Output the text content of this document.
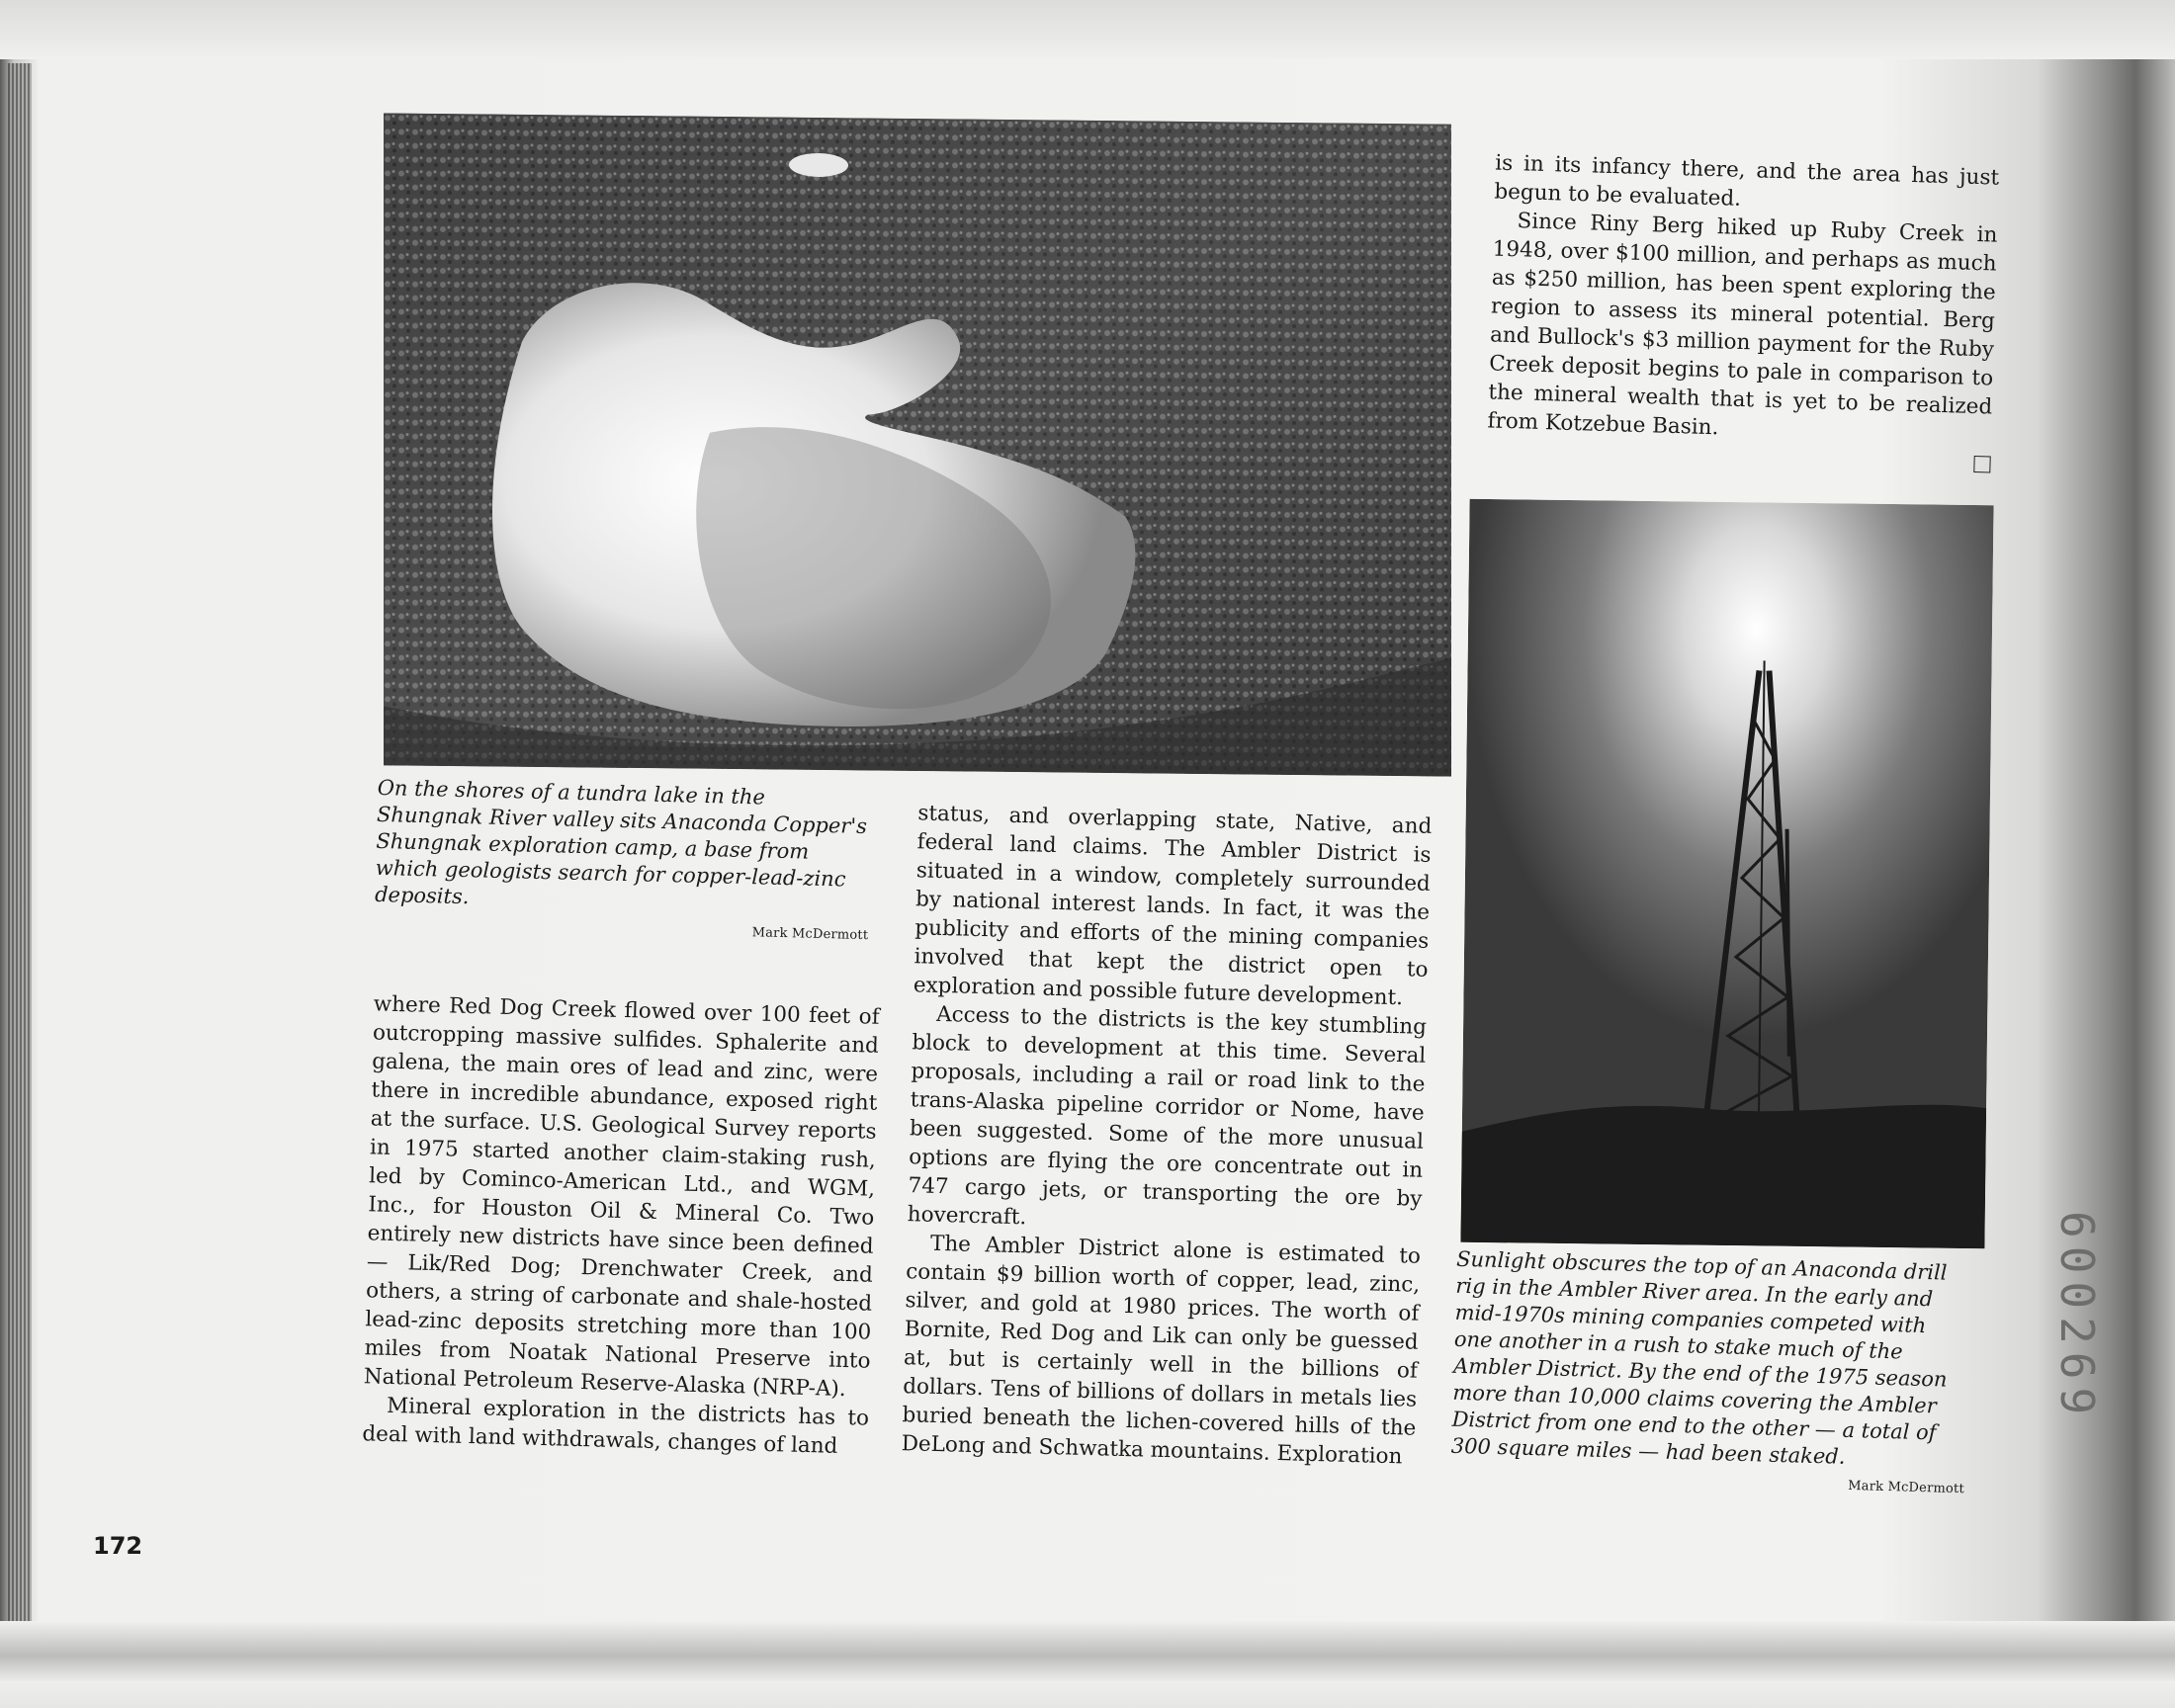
On the shores of a tundra lake in the Shungnak River valley sits Anaconda Copper's Shungnak exploration camp, a base from which geologists search for copper-lead-zinc deposits.
Mark McDermott

where Red Dog Creek flowed over 100 feet of outcropping massive sulfides. Sphalerite and galena, the main ores of lead and zinc, were there in incredible abundance, exposed right at the surface. U.S. Geological Survey reports in 1975 started another claim-staking rush, led by Cominco-American Ltd., and WGM, Inc., for Houston Oil & Mineral Co. Two entirely new districts have since been defined — Lik/Red Dog; Drenchwater Creek, and others, a string of carbonate and shale-hosted lead-zinc deposits stretching more than 100 miles from Noatak National Preserve into National Petroleum Reserve-Alaska (NRP-A).

Mineral exploration in the districts has to deal with land withdrawals, changes of land

status, and overlapping state, Native, and federal land claims. The Ambler District is situated in a window, completely surrounded by national interest lands. In fact, it was the publicity and efforts of the mining companies involved that kept the district open to exploration and possible future development.

Access to the districts is the key stumbling block to development at this time. Several proposals, including a rail or road link to the trans-Alaska pipeline corridor or Nome, have been suggested. Some of the more unusual options are flying the ore concentrate out in 747 cargo jets, or transporting the ore by hovercraft.

The Ambler District alone is estimated to contain $9 billion worth of copper, lead, zinc, silver, and gold at 1980 prices. The worth of Bornite, Red Dog and Lik can only be guessed at, but is certainly well in the billions of dollars. Tens of billions of dollars in metals lies buried beneath the lichen-covered hills of the DeLong and Schwatka mountains. Exploration

is in its infancy there, and the area has just begun to be evaluated.

Since Riny Berg hiked up Ruby Creek in 1948, over $100 million, and perhaps as much as $250 million, has been spent exploring the region to assess its mineral potential. Berg and Bullock's $3 million payment for the Ruby Creek deposit begins to pale in comparison to the mineral wealth that is yet to be realized from Kotzebue Basin.

Sunlight obscures the top of an Anaconda drill rig in the Ambler River area. In the early and mid-1970s mining companies competed with one another in a rush to stake much of the Ambler District. By the end of the 1975 season more than 10,000 claims covering the Ambler District from one end to the other — a total of 300 square miles — had been staked.
Mark McDermott
172
600269
